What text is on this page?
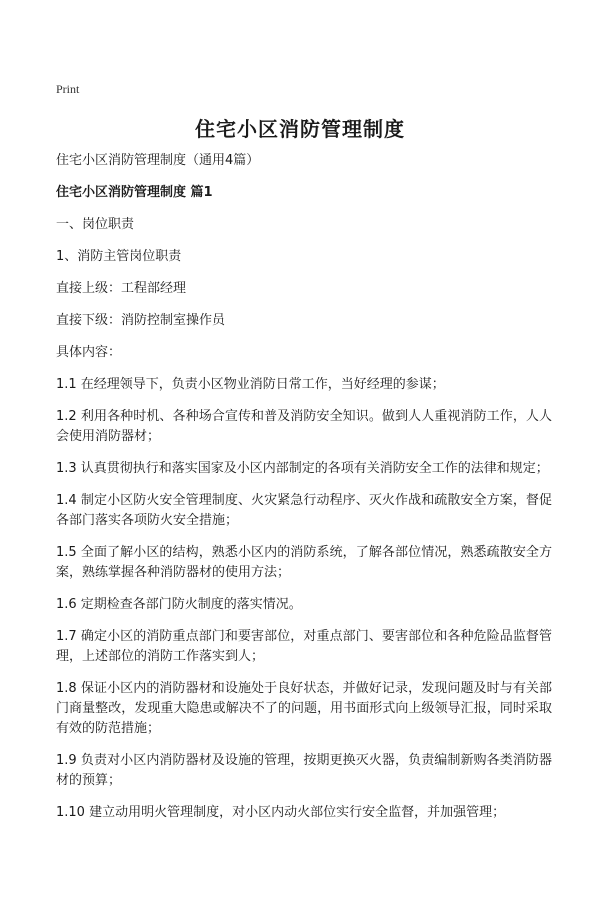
Print
住宅小区消防管理制度

住宅小区消防管理制度（通用4篇）

住宅小区消防管理制度 篇1

一、岗位职责

1、消防主管岗位职责

直接上级：工程部经理

直接下级：消防控制室操作员

具体内容：

1.1 在经理领导下，负责小区物业消防日常工作，当好经理的参谋；

1.2 利用各种时机、各种场合宣传和普及消防安全知识。做到人人重视消防工作，人人会使用消防器材；

1.3 认真贯彻执行和落实国家及小区内部制定的各项有关消防安全工作的法律和规定；

1.4 制定小区防火安全管理制度、火灾紧急行动程序、灭火作战和疏散安全方案，督促各部门落实各项防火安全措施；

1.5 全面了解小区的结构，熟悉小区内的消防系统，了解各部位情况，熟悉疏散安全方案，熟练掌握各种消防器材的使用方法；

1.6 定期检查各部门防火制度的落实情况。

1.7 确定小区的消防重点部门和要害部位，对重点部门、要害部位和各种危险品监督管理，上述部位的消防工作落实到人；

1.8 保证小区内的消防器材和设施处于良好状态，并做好记录，发现问题及时与有关部门商量整改，发现重大隐患或解决不了的问题，用书面形式向上级领导汇报，同时采取有效的防范措施；

1.9 负责对小区内消防器材及设施的管理，按期更换灭火器，负责编制新购各类消防器材的预算；

1.10 建立动用明火管理制度，对小区内动火部位实行安全监督，并加强管理；
